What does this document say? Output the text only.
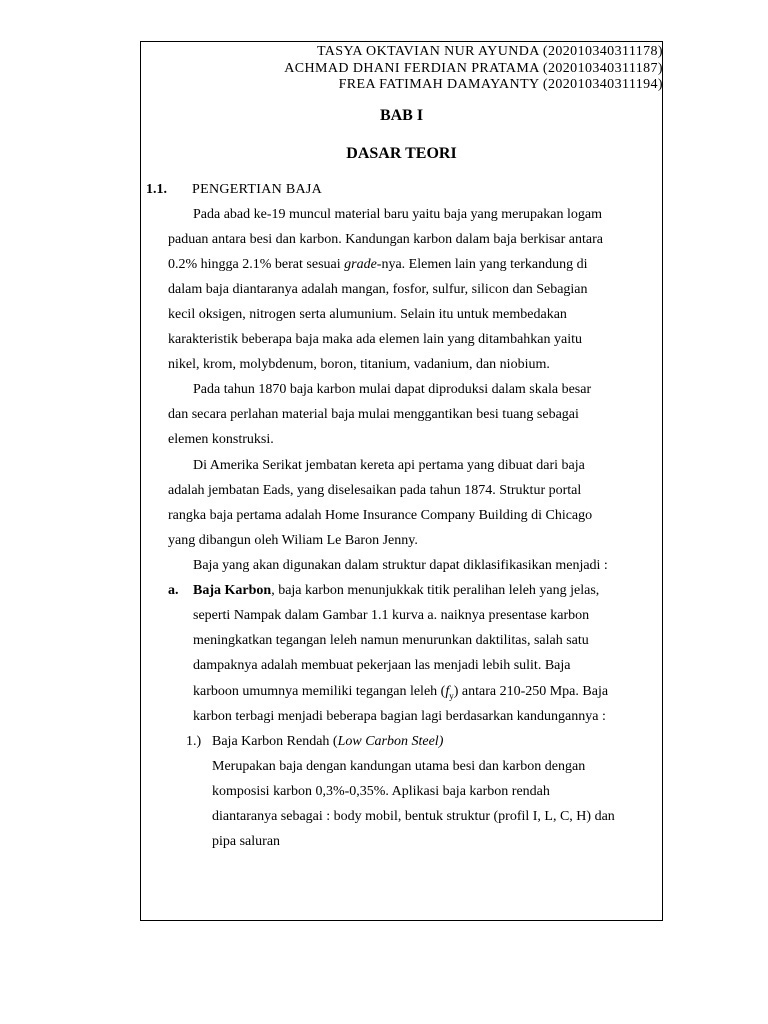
TASYA OKTAVIAN NUR AYUNDA (202010340311178)
ACHMAD DHANI FERDIAN PRATAMA (202010340311187)
FREA FATIMAH DAMAYANTY (202010340311194)
BAB I
DASAR TEORI
1.1. PENGERTIAN BAJA
Pada abad ke-19 muncul material baru yaitu baja yang merupakan logam
paduan antara besi dan karbon. Kandungan karbon dalam baja berkisar antara
0.2% hingga 2.1% berat sesuai grade-nya. Elemen lain yang terkandung di
dalam baja diantaranya adalah mangan, fosfor, sulfur, silicon dan Sebagian
kecil oksigen, nitrogen serta alumunium. Selain itu untuk membedakan
karakteristik beberapa baja maka ada elemen lain yang ditambahkan yaitu
nikel, krom, molybdenum, boron, titanium, vadanium, dan niobium.
Pada tahun 1870 baja karbon mulai dapat diproduksi dalam skala besar
dan secara perlahan material baja mulai menggantikan besi tuang sebagai
elemen konstruksi.
Di Amerika Serikat jembatan kereta api pertama yang dibuat dari baja
adalah jembatan Eads, yang diselesaikan pada tahun 1874. Struktur portal
rangka baja pertama adalah Home Insurance Company Building di Chicago
yang dibangun oleh Wiliam Le Baron Jenny.
Baja yang akan digunakan dalam struktur dapat diklasifikasikan menjadi :
a. Baja Karbon, baja karbon menunjukkak titik peralihan leleh yang jelas,
seperti Nampak dalam Gambar 1.1 kurva a. naiknya presentase karbon
meningkatkan tegangan leleh namun menurunkan daktilitas, salah satu
dampaknya adalah membuat pekerjaan las menjadi lebih sulit. Baja
karboon umumnya memiliki tegangan leleh $(f_y)$ antara 210-250 Mpa. Baja
karbon terbagi menjadi beberapa bagian lagi berdasarkan kandungannya :
1.) Baja Karbon Rendah (Low Carbon Steel)
Merupakan baja dengan kandungan utama besi dan karbon dengan
komposisi karbon 0,3%-0,35%. Aplikasi baja karbon rendah
diantaranya sebagai : body mobil, bentuk struktur (profil I, L, C, H) dan
pipa saluran
